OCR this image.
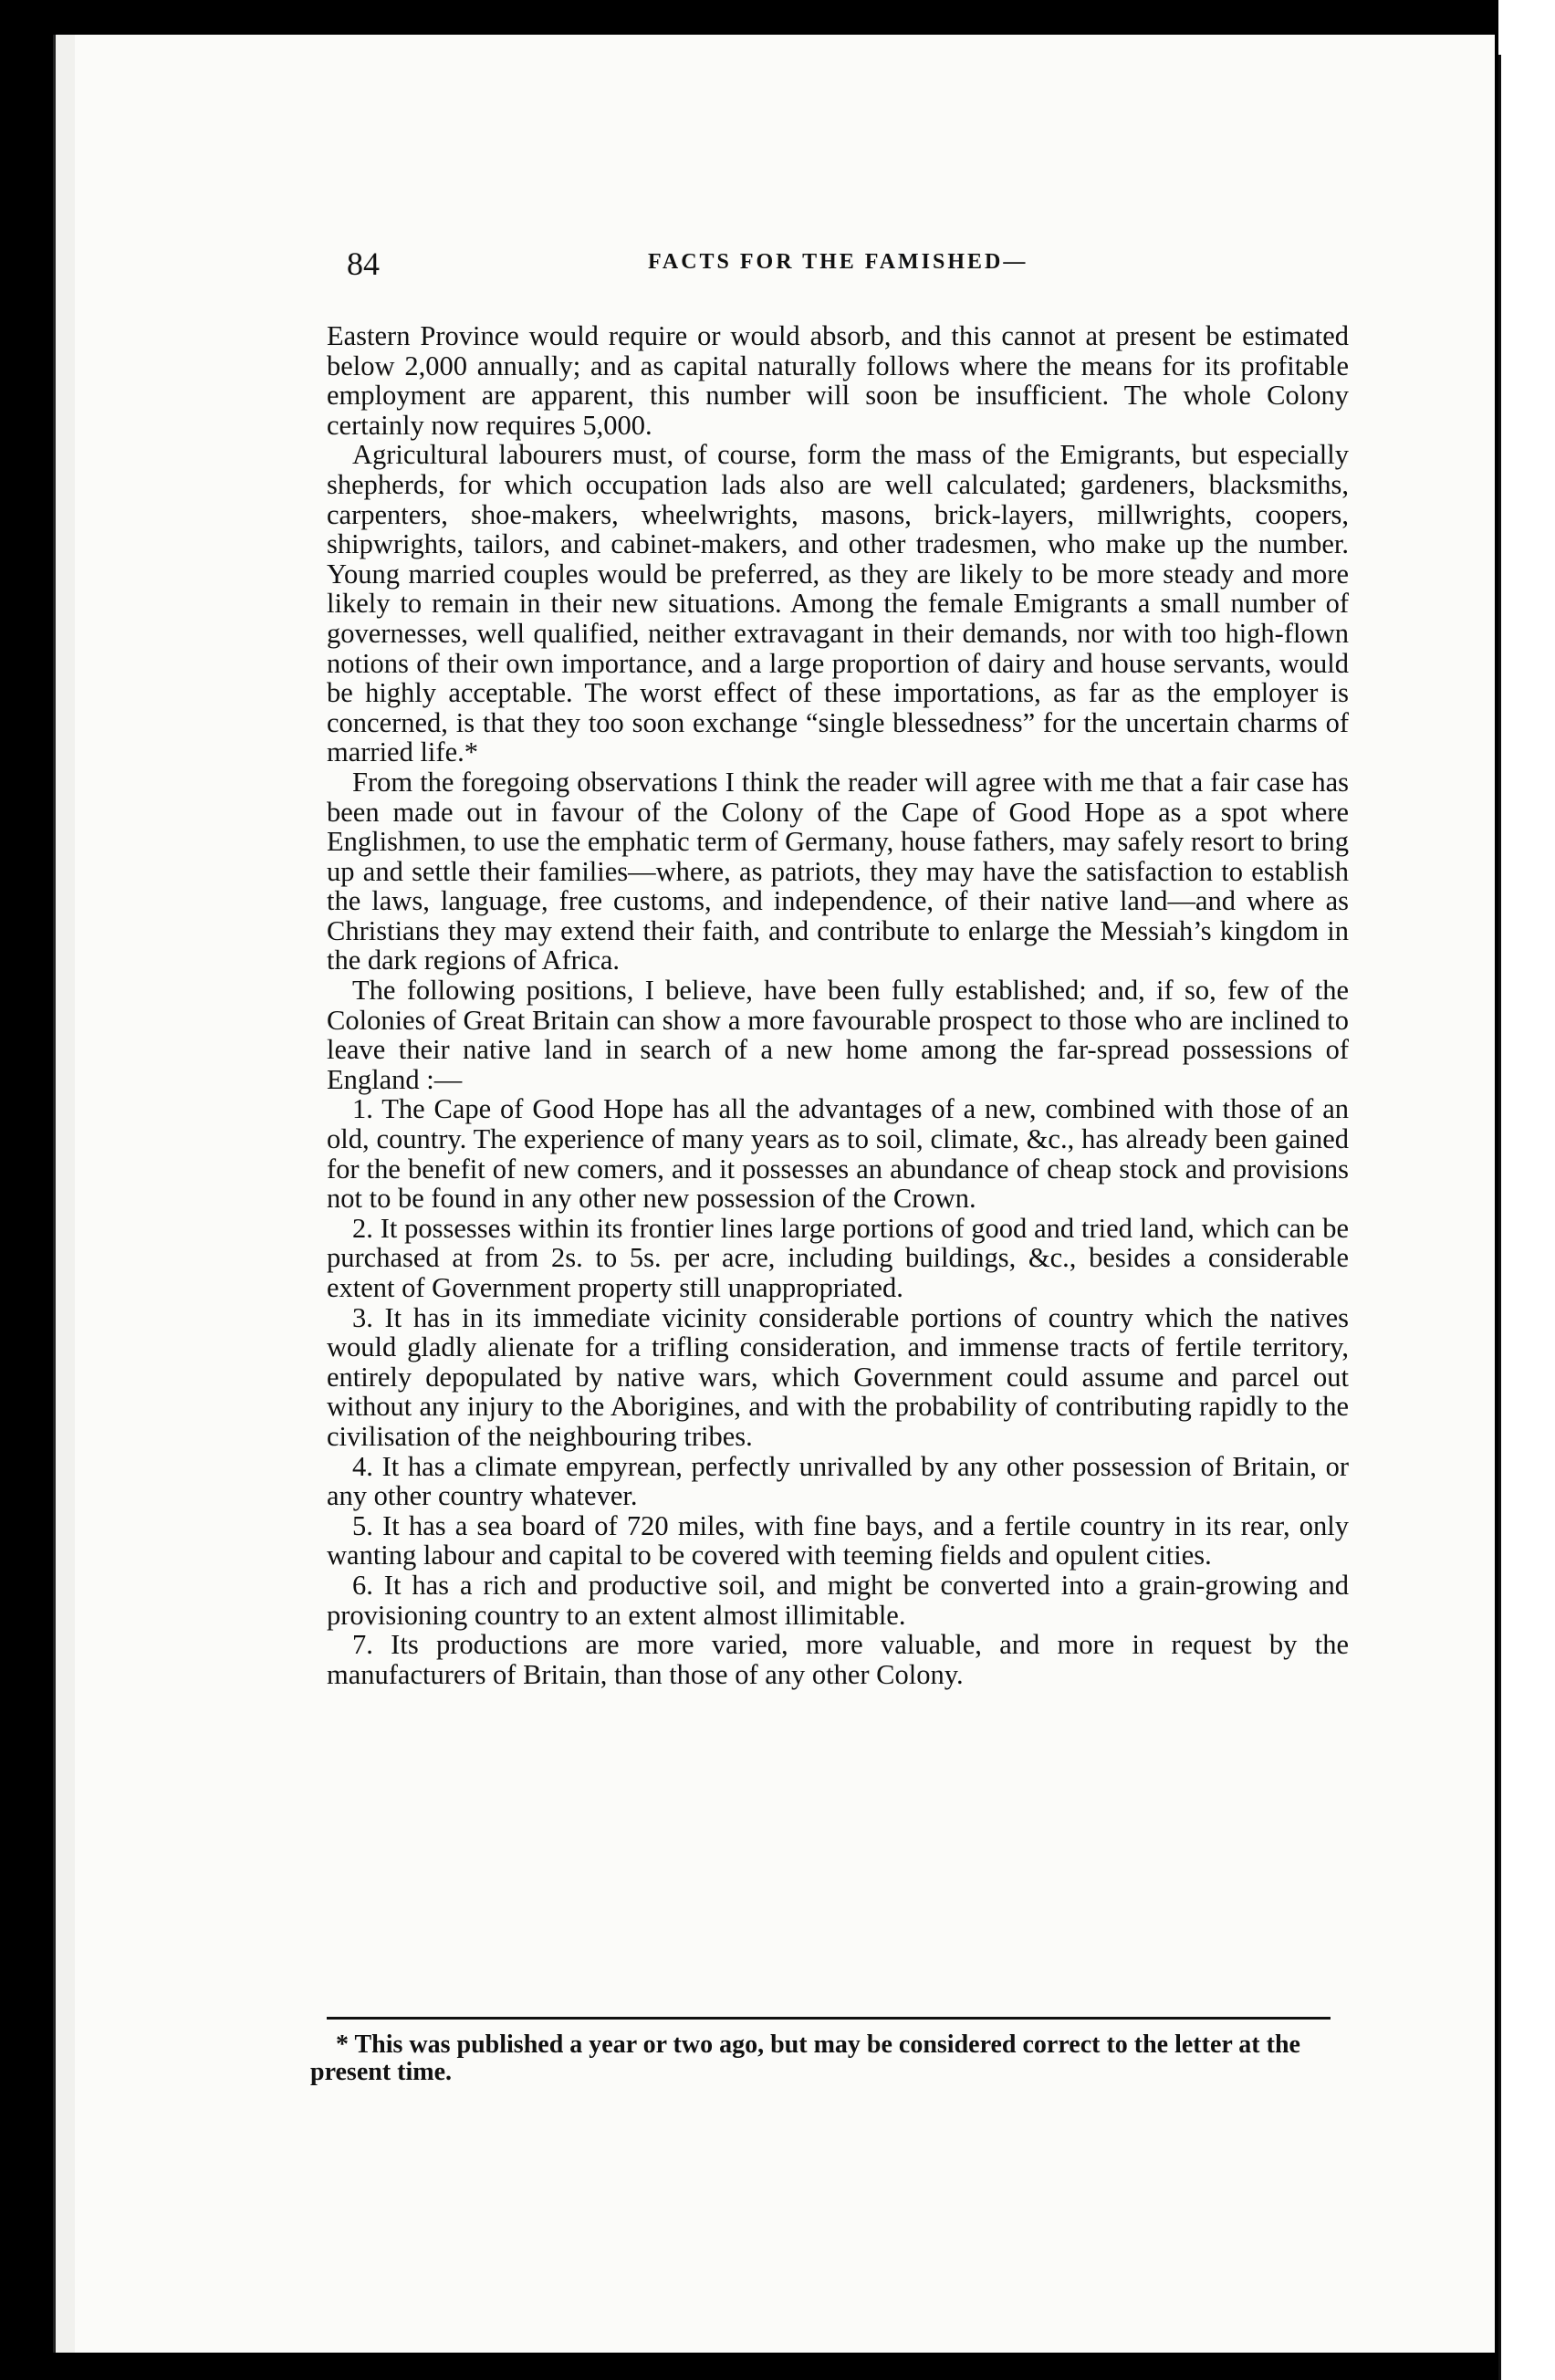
84	FACTS FOR THE FAMISHED—

Eastern Province would require or would absorb, and this cannot at present be estimated below 2,000 annually; and as capital naturally follows where the means for its profitable employment are apparent, this number will soon be insufficient. The whole Colony certainly now requires 5,000.

Agricultural labourers must, of course, form the mass of the Emigrants, but especially shepherds, for which occupation lads also are well calculated; gardeners, blacksmiths, carpenters, shoe-makers, wheelwrights, masons, brick-layers, millwrights, coopers, shipwrights, tailors, and cabinet-makers, and other tradesmen, who make up the number. Young married couples would be preferred, as they are likely to be more steady and more likely to remain in their new situations. Among the female Emigrants a small number of governesses, well qualified, neither extravagant in their demands, nor with too high-flown notions of their own importance, and a large proportion of dairy and house servants, would be highly acceptable. The worst effect of these importations, as far as the employer is concerned, is that they too soon exchange “single blessedness” for the uncertain charms of married life.*

From the foregoing observations I think the reader will agree with me that a fair case has been made out in favour of the Colony of the Cape of Good Hope as a spot where Englishmen, to use the emphatic term of Germany, house fathers, may safely resort to bring up and settle their families—where, as patriots, they may have the satisfaction to establish the laws, language, free customs, and independence, of their native land—and where as Christians they may extend their faith, and contribute to enlarge the Messiah’s kingdom in the dark regions of Africa.

The following positions, I believe, have been fully established; and, if so, few of the Colonies of Great Britain can show a more favourable prospect to those who are inclined to leave their native land in search of a new home among the far-spread possessions of England :—

1. The Cape of Good Hope has all the advantages of a new, combined with those of an old, country. The experience of many years as to soil, climate, &c., has already been gained for the benefit of new comers, and it possesses an abundance of cheap stock and provisions not to be found in any other new possession of the Crown.

2. It possesses within its frontier lines large portions of good and tried land, which can be purchased at from 2s. to 5s. per acre, including buildings, &c., besides a considerable extent of Government property still unappropriated.

3. It has in its immediate vicinity considerable portions of country which the natives would gladly alienate for a trifling consideration, and immense tracts of fertile territory, entirely depopulated by native wars, which Government could assume and parcel out without any injury to the Aborigines, and with the probability of contributing rapidly to the civilisation of the neighbouring tribes.

4. It has a climate empyrean, perfectly unrivalled by any other possession of Britain, or any other country whatever.

5. It has a sea board of 720 miles, with fine bays, and a fertile country in its rear, only wanting labour and capital to be covered with teeming fields and opulent cities.

6. It has a rich and productive soil, and might be converted into a grain-growing and provisioning country to an extent almost illimitable.

7. Its productions are more varied, more valuable, and more in request by the manufacturers of Britain, than those of any other Colony.

* This was published a year or two ago, but may be considered correct to the letter at the present time.
